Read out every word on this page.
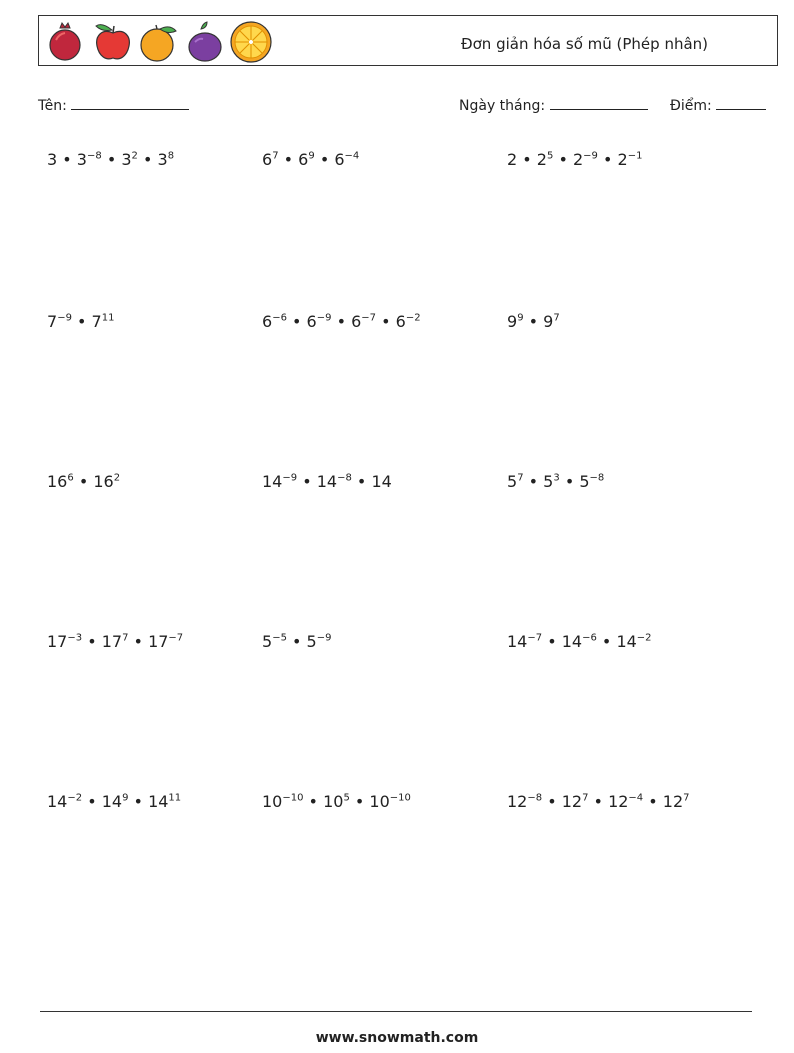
Đơn giản hóa số mũ (Phép nhân)
Tên:	Ngày tháng:	Điểm:
3 • $3^{-8}$ • $3^2$ • $3^8$	$6^7$ • $6^9$ • $6^{-4}$	2 • $2^5$ • $2^{-9}$ • $2^{-1}$
$7^{-9}$ • $7^{11}$	$6^{-6}$ • $6^{-9}$ • $6^{-7}$ • $6^{-2}$	$9^9$ • $9^7$
$16^6$ • $16^2$	$14^{-9}$ • $14^{-8}$ • 14	$5^7$ • $5^3$ • $5^{-8}$
$17^{-3}$ • $17^7$ • $17^{-7}$	$5^{-5}$ • $5^{-9}$	$14^{-7}$ • $14^{-6}$ • $14^{-2}$
$14^{-2}$ • $14^9$ • $14^{11}$	$10^{-10}$ • $10^5$ • $10^{-10}$	$12^{-8}$ • $12^7$ • $12^{-4}$ • $12^7$
www.snowmath.com
